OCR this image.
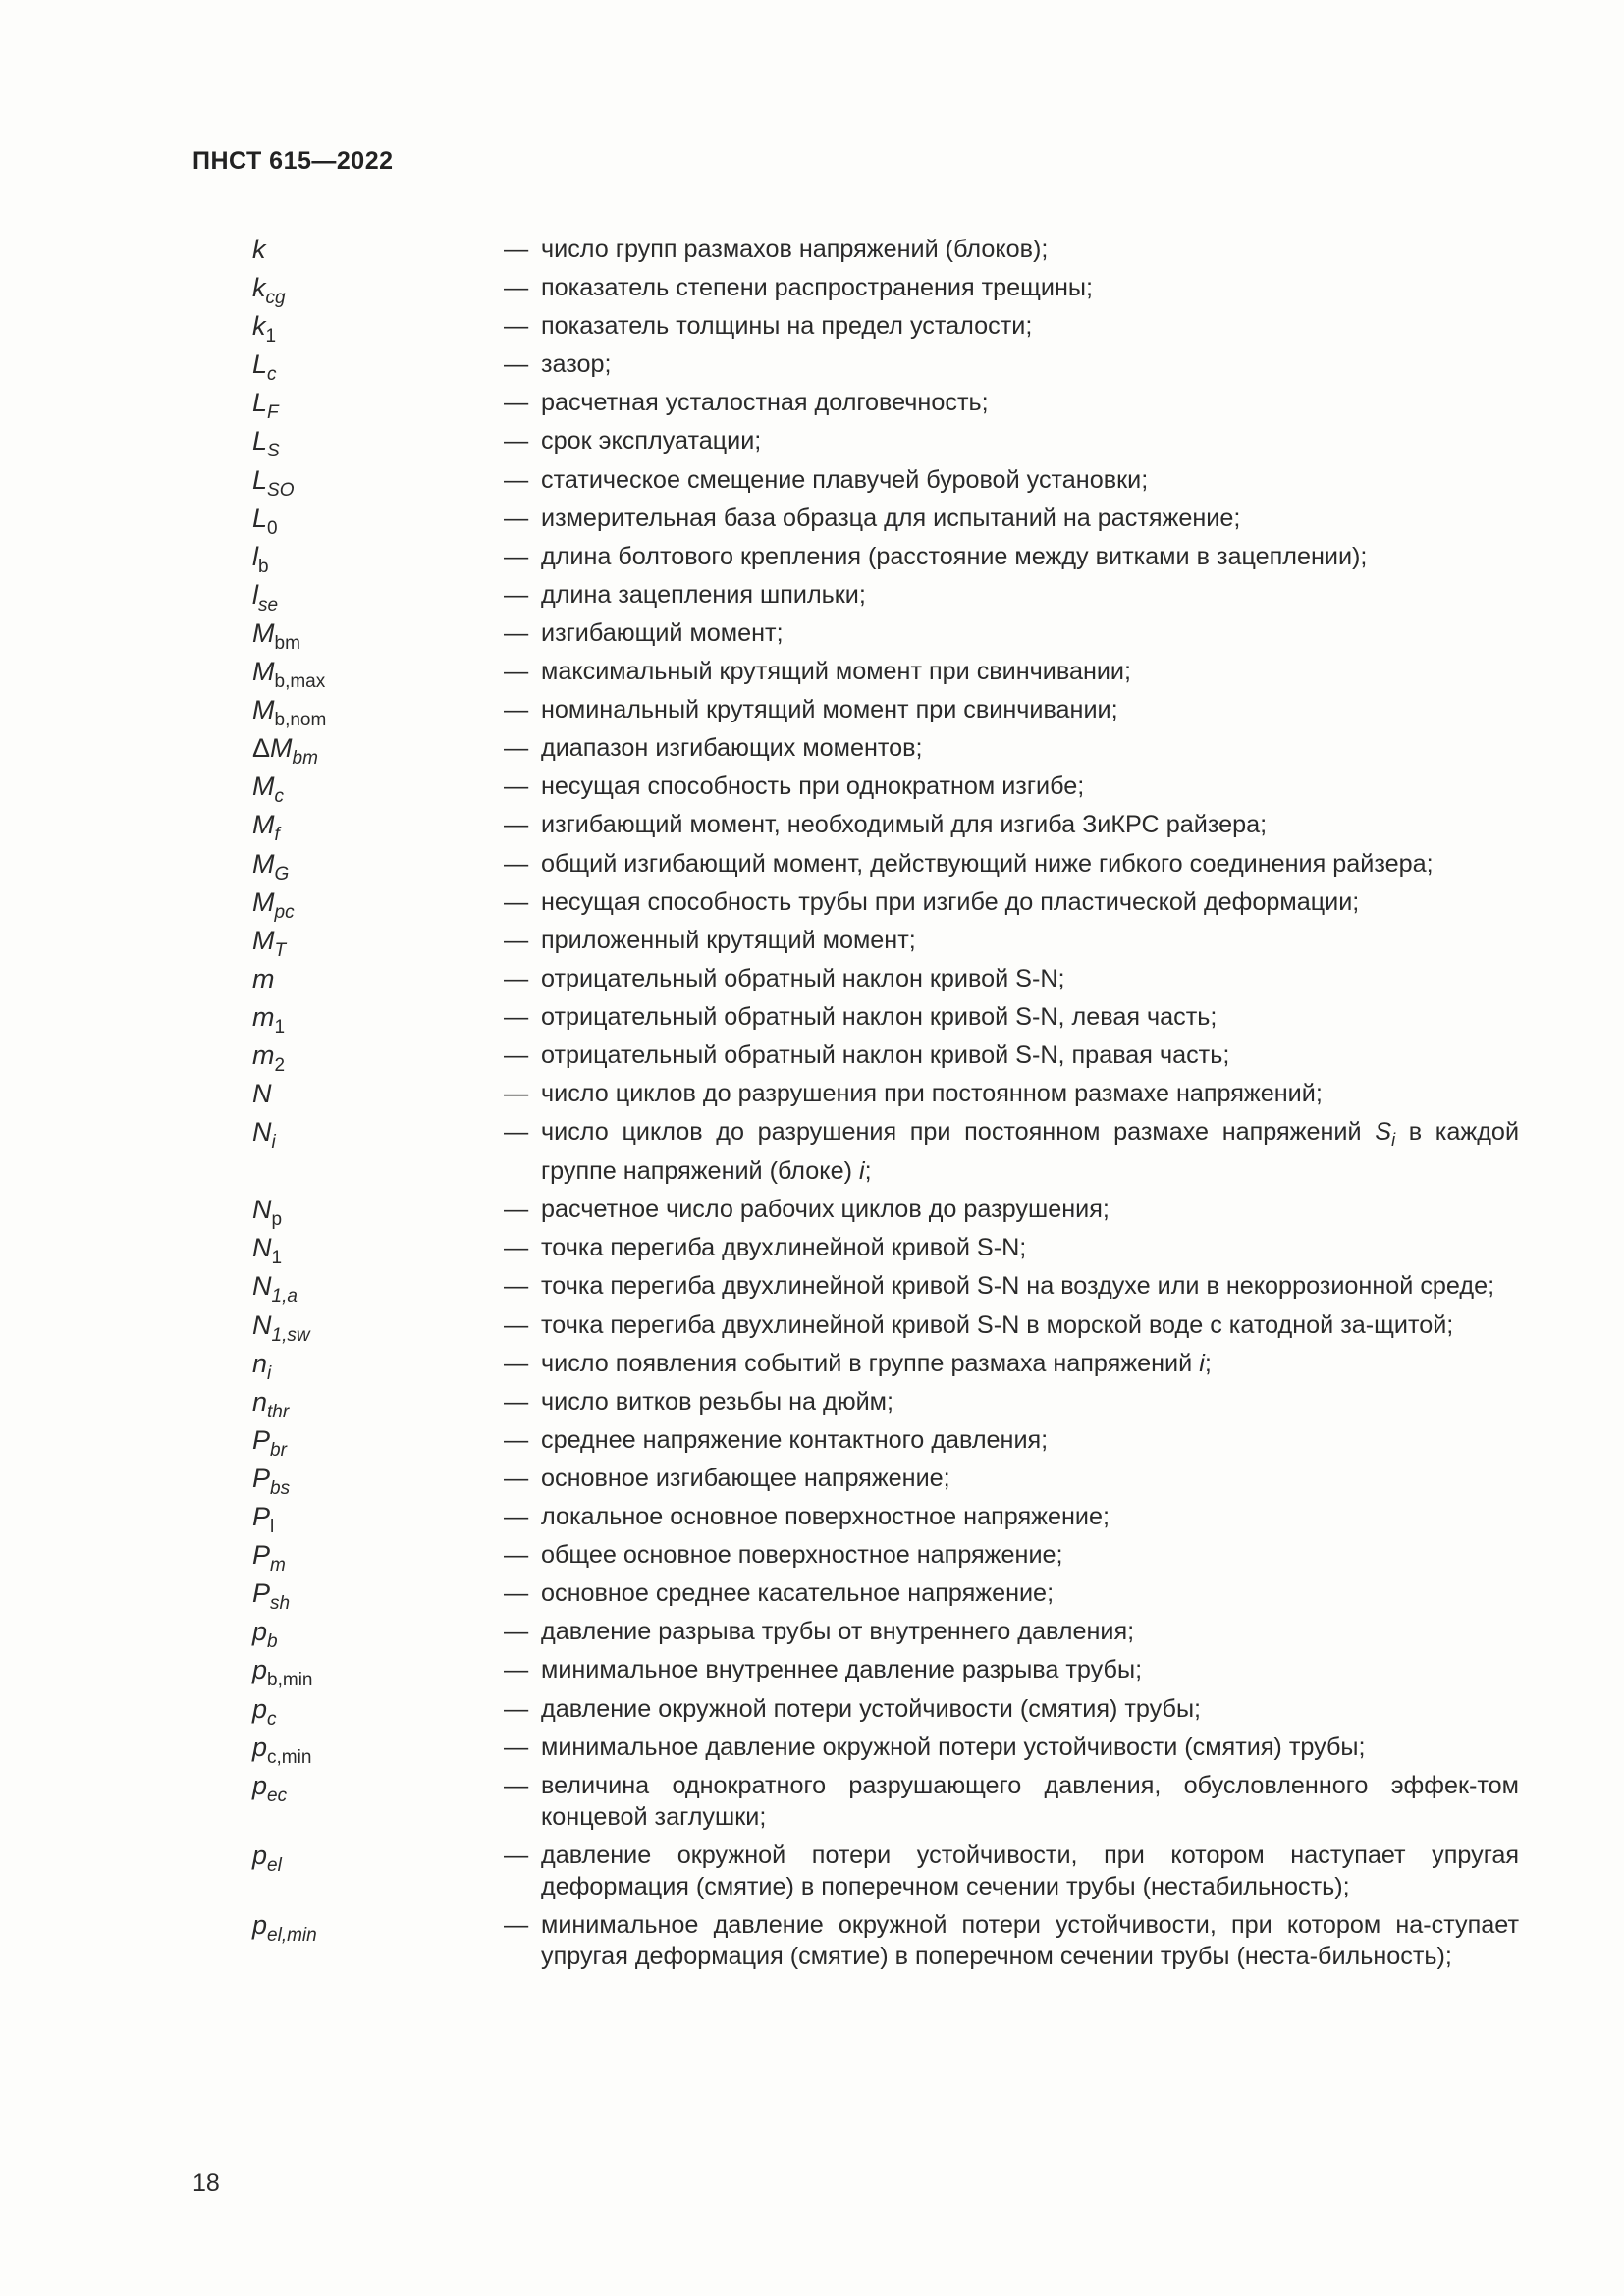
ПНСТ 615—2022
k	— число групп размахов напряжений (блоков);
$k_{cg}$	— показатель степени распространения трещины;
$k_1$	— показатель толщины на предел усталости;
$L_c$	— зазор;
$L_F$	— расчетная усталостная долговечность;
$L_S$	— срок эксплуатации;
$L_{SO}$	— статическое смещение плавучей буровой установки;
$L_0$	— измерительная база образца для испытаний на растяжение;
$l_b$	— длина болтового крепления (расстояние между витками в зацеплении);
$l_{se}$	— длина зацепления шпильки;
$M_{bm}$	— изгибающий момент;
$M_{b,max}$	— максимальный крутящий момент при свинчивании;
$M_{b,nom}$	— номинальный крутящий момент при свинчивании;
$\Delta M_{bm}$	— диапазон изгибающих моментов;
$M_c$	— несущая способность при однократном изгибе;
$M_f$	— изгибающий момент, необходимый для изгиба ЗиКРС райзера;
$M_G$	— общий изгибающий момент, действующий ниже гибкого соединения райзера;
$M_{pc}$	— несущая способность трубы при изгибе до пластической деформации;
$M_T$	— приложенный крутящий момент;
m	— отрицательный обратный наклон кривой S-N;
$m_1$	— отрицательный обратный наклон кривой S-N, левая часть;
$m_2$	— отрицательный обратный наклон кривой S-N, правая часть;
N	— число циклов до разрушения при постоянном размахе напряжений;
$N_i$	— число циклов до разрушения при постоянном размахе напряжений $S_i$ в каждой группе напряжений (блоке) i;
$N_p$	— расчетное число рабочих циклов до разрушения;
$N_1$	— точка перегиба двухлинейной кривой S-N;
$N_{1,a}$	— точка перегиба двухлинейной кривой S-N на воздухе или в некоррозионной среде;
$N_{1,sw}$	— точка перегиба двухлинейной кривой S-N в морской воде с катодной за-щитой;
$n_i$	— число появления событий в группе размаха напряжений i;
$n_{thr}$	— число витков резьбы на дюйм;
$P_{br}$	— среднее напряжение контактного давления;
$P_{bs}$	— основное изгибающее напряжение;
$P_l$	— локальное основное поверхностное напряжение;
$P_m$	— общее основное поверхностное напряжение;
$P_{sh}$	— основное среднее касательное напряжение;
$p_b$	— давление разрыва трубы от внутреннего давления;
$p_{b,min}$	— минимальное внутреннее давление разрыва трубы;
$p_c$	— давление окружной потери устойчивости (смятия) трубы;
$p_{c,min}$	— минимальное давление окружной потери устойчивости (смятия) трубы;
$p_{ec}$	— величина однократного разрушающего давления, обусловленного эффек-том концевой заглушки;
$p_{el}$	— давление окружной потери устойчивости, при котором наступает упругая деформация (смятие) в поперечном сечении трубы (нестабильность);
$p_{el,min}$	— минимальное давление окружной потери устойчивости, при котором на-ступает упругая деформация (смятие) в поперечном сечении трубы (неста-бильность);
18
